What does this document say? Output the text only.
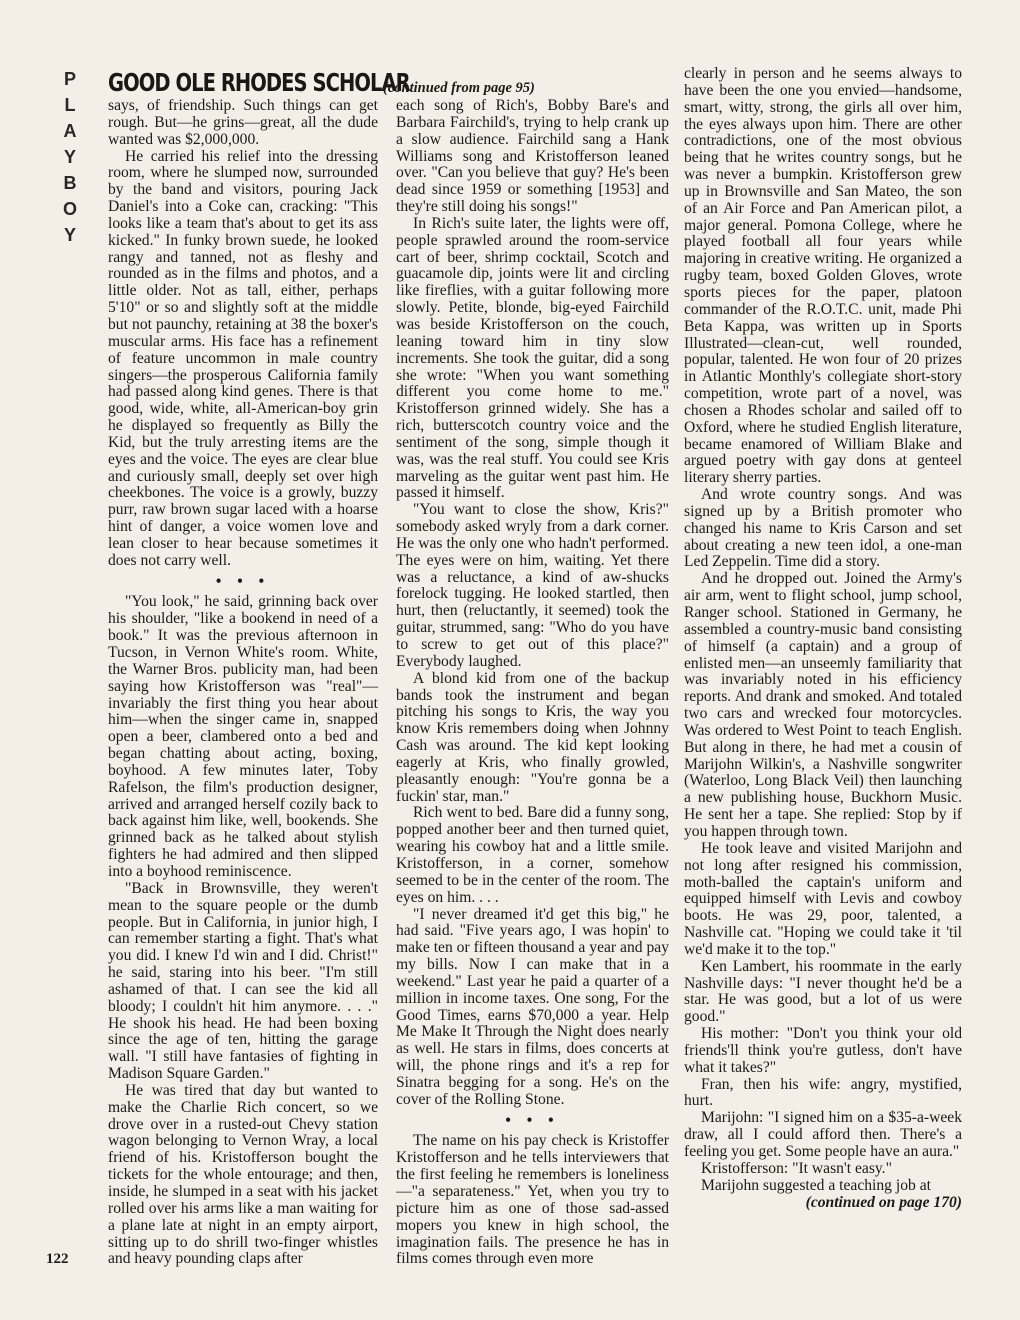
P
L
A
Y
B
O
Y
GOOD OLE RHODES SCHOLAR
(continued from page 95)

says, of friendship. Such things can get rough. But—he grins—great, all the dude wanted was $2,000,000.

He carried his relief into the dressing room, where he slumped now, surrounded by the band and visitors, pouring Jack Daniel's into a Coke can, cracking: "This looks like a team that's about to get its ass kicked." In funky brown suede, he looked rangy and tanned, not as fleshy and rounded as in the films and photos, and a little older. Not as tall, either, perhaps 5'10" or so and slightly soft at the middle but not paunchy, retaining at 38 the boxer's muscular arms. His face has a refinement of feature uncommon in male country singers—the prosperous California family had passed along kind genes. There is that good, wide, white, all-American-boy grin he displayed so frequently as Billy the Kid, but the truly arresting items are the eyes and the voice. The eyes are clear blue and curiously small, deeply set over high cheekbones. The voice is a growly, buzzy purr, raw brown sugar laced with a hoarse hint of danger, a voice women love and lean closer to hear because sometimes it does not carry well.

• • •

"You look," he said, grinning back over his shoulder, "like a bookend in need of a book." It was the previous afternoon in Tucson, in Vernon White's room. White, the Warner Bros. publicity man, had been saying how Kristofferson was "real"—invariably the first thing you hear about him—when the singer came in, snapped open a beer, clambered onto a bed and began chatting about acting, boxing, boyhood. A few minutes later, Toby Rafelson, the film's production designer, arrived and arranged herself cozily back to back against him like, well, bookends. She grinned back as he talked about stylish fighters he had admired and then slipped into a boyhood reminiscence.

"Back in Brownsville, they weren't mean to the square people or the dumb people. But in California, in junior high, I can remember starting a fight. That's what you did. I knew I'd win and I did. Christ!" he said, staring into his beer. "I'm still ashamed of that. I can see the kid all bloody; I couldn't hit him anymore. . . ." He shook his head. He had been boxing since the age of ten, hitting the garage wall. "I still have fantasies of fighting in Madison Square Garden."

He was tired that day but wanted to make the Charlie Rich concert, so we drove over in a rusted-out Chevy station wagon belonging to Vernon Wray, a local friend of his. Kristofferson bought the tickets for the whole entourage; and then, inside, he slumped in a seat with his jacket rolled over his arms like a man waiting for a plane late at night in an empty airport, sitting up to do shrill two-finger whistles and heavy pounding claps after

each song of Rich's, Bobby Bare's and Barbara Fairchild's, trying to help crank up a slow audience. Fairchild sang a Hank Williams song and Kristofferson leaned over. "Can you believe that guy? He's been dead since 1959 or something [1953] and they're still doing his songs!"

In Rich's suite later, the lights were off, people sprawled around the room-service cart of beer, shrimp cocktail, Scotch and guacamole dip, joints were lit and circling like fireflies, with a guitar following more slowly. Petite, blonde, big-eyed Fairchild was beside Kristofferson on the couch, leaning toward him in tiny slow increments. She took the guitar, did a song she wrote: "When you want something different you come home to me." Kristofferson grinned widely. She has a rich, butterscotch country voice and the sentiment of the song, simple though it was, was the real stuff. You could see Kris marveling as the guitar went past him. He passed it himself.

"You want to close the show, Kris?" somebody asked wryly from a dark corner. He was the only one who hadn't performed. The eyes were on him, waiting. Yet there was a reluctance, a kind of aw-shucks forelock tugging. He looked startled, then hurt, then (reluctantly, it seemed) took the guitar, strummed, sang: "Who do you have to screw to get out of this place?" Everybody laughed.

A blond kid from one of the backup bands took the instrument and began pitching his songs to Kris, the way you know Kris remembers doing when Johnny Cash was around. The kid kept looking eagerly at Kris, who finally growled, pleasantly enough: "You're gonna be a fuckin' star, man."

Rich went to bed. Bare did a funny song, popped another beer and then turned quiet, wearing his cowboy hat and a little smile. Kristofferson, in a corner, somehow seemed to be in the center of the room. The eyes on him. . . .

"I never dreamed it'd get this big," he had said. "Five years ago, I was hopin' to make ten or fifteen thousand a year and pay my bills. Now I can make that in a weekend." Last year he paid a quarter of a million in income taxes. One song, For the Good Times, earns $70,000 a year. Help Me Make It Through the Night does nearly as well. He stars in films, does concerts at will, the phone rings and it's a rep for Sinatra begging for a song. He's on the cover of the Rolling Stone.

• • •

The name on his pay check is Kristoffer Kristofferson and he tells interviewers that the first feeling he remembers is loneliness—"a separateness." Yet, when you try to picture him as one of those sad-assed mopers you knew in high school, the imagination fails. The presence he has in films comes through even more

clearly in person and he seems always to have been the one you envied—handsome, smart, witty, strong, the girls all over him, the eyes always upon him. There are other contradictions, one of the most obvious being that he writes country songs, but he was never a bumpkin. Kristofferson grew up in Brownsville and San Mateo, the son of an Air Force and Pan American pilot, a major general. Pomona College, where he played football all four years while majoring in creative writing. He organized a rugby team, boxed Golden Gloves, wrote sports pieces for the paper, platoon commander of the R.O.T.C. unit, made Phi Beta Kappa, was written up in Sports Illustrated—clean-cut, well rounded, popular, talented. He won four of 20 prizes in Atlantic Monthly's collegiate short-story competition, wrote part of a novel, was chosen a Rhodes scholar and sailed off to Oxford, where he studied English literature, became enamored of William Blake and argued poetry with gay dons at genteel literary sherry parties.

And wrote country songs. And was signed up by a British promoter who changed his name to Kris Carson and set about creating a new teen idol, a one-man Led Zeppelin. Time did a story.

And he dropped out. Joined the Army's air arm, went to flight school, jump school, Ranger school. Stationed in Germany, he assembled a country-music band consisting of himself (a captain) and a group of enlisted men—an unseemly familiarity that was invariably noted in his efficiency reports. And drank and smoked. And totaled two cars and wrecked four motorcycles. Was ordered to West Point to teach English. But along in there, he had met a cousin of Marijohn Wilkin's, a Nashville songwriter (Waterloo, Long Black Veil) then launching a new publishing house, Buckhorn Music. He sent her a tape. She replied: Stop by if you happen through town.

He took leave and visited Marijohn and not long after resigned his commission, moth-balled the captain's uniform and equipped himself with Levis and cowboy boots. He was 29, poor, talented, a Nashville cat. "Hoping we could take it 'til we'd make it to the top."

Ken Lambert, his roommate in the early Nashville days: "I never thought he'd be a star. He was good, but a lot of us were good."

His mother: "Don't you think your old friends'll think you're gutless, don't have what it takes?"

Fran, then his wife: angry, mystified, hurt.

Marijohn: "I signed him on a $35-a-week draw, all I could afford then. There's a feeling you get. Some people have an aura."

Kristofferson: "It wasn't easy."

Marijohn suggested a teaching job at

(continued on page 170)

122
